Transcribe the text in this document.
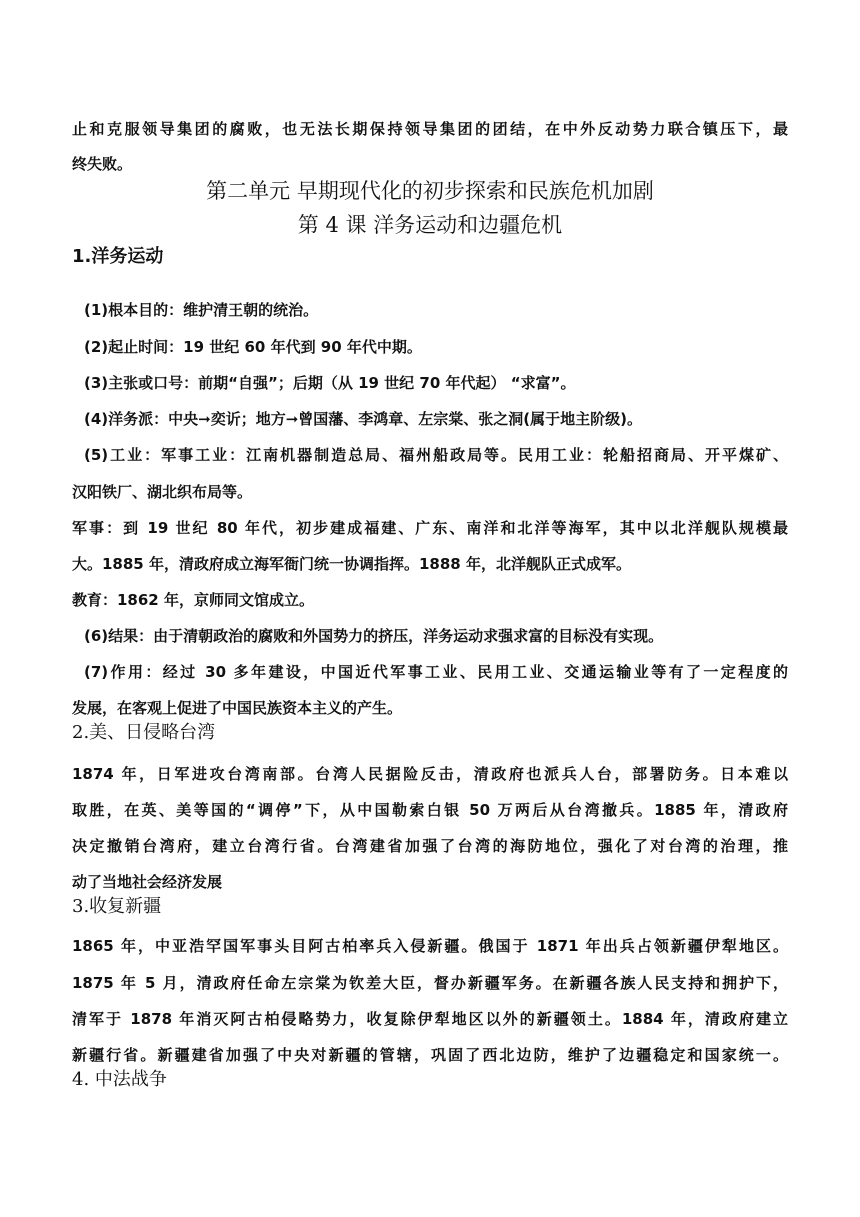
止和克服领导集团的腐败，也无法长期保持领导集团的团结，在中外反动势力联合镇压下，最
终失败。
第二单元 早期现代化的初步探索和民族危机加剧
第 4 课 洋务运动和边疆危机
1.洋务运动
(1)根本目的：维护清王朝的统治。
(2)起止时间：19 世纪 60 年代到 90 年代中期。
(3)主张或口号：前期“自强”；后期（从 19 世纪 70 年代起） “求富”。
(4)洋务派：中央➞奕䜣；地方➞曾国藩、李鸿章、左宗棠、张之洞(属于地主阶级)。
(5)工业：军事工业：江南机器制造总局、福州船政局等。民用工业：轮船招商局、开平煤矿、
汉阳铁厂、湖北织布局等。
军事：到 19 世纪 80 年代，初步建成福建、广东、南洋和北洋等海军，其中以北洋舰队规模最
大。1885 年，清政府成立海军衙门统一协调指挥。1888 年，北洋舰队正式成军。
教育：1862 年，京师同文馆成立。
(6)结果：由于清朝政治的腐败和外国势力的挤压，洋务运动求强求富的目标没有实现。
(7)作用：经过 30 多年建设，中国近代军事工业、民用工业、交通运输业等有了一定程度的
发展，在客观上促进了中国民族资本主义的产生。
2.美、日侵略台湾
1874 年，日军进攻台湾南部。台湾人民据险反击，清政府也派兵人台，部署防务。日本难以
取胜，在英、美等国的“调停”下，从中国勒索白银 50 万两后从台湾撤兵。1885 年，清政府
决定撤销台湾府，建立台湾行省。台湾建省加强了台湾的海防地位，强化了对台湾的治理，推
动了当地社会经济发展
3.收复新疆
1865 年，中亚浩罕国军事头目阿古柏率兵入侵新疆。俄国于 1871 年出兵占领新疆伊犁地区。
1875 年 5 月，清政府任命左宗棠为钦差大臣，督办新疆军务。在新疆各族人民支持和拥护下，
清军于 1878 年消灭阿古柏侵略势力，收复除伊犁地区以外的新疆领土。1884 年，清政府建立
新疆行省。新疆建省加强了中央对新疆的管辖，巩固了西北边防，维护了边疆稳定和国家统一。
4. 中法战争
